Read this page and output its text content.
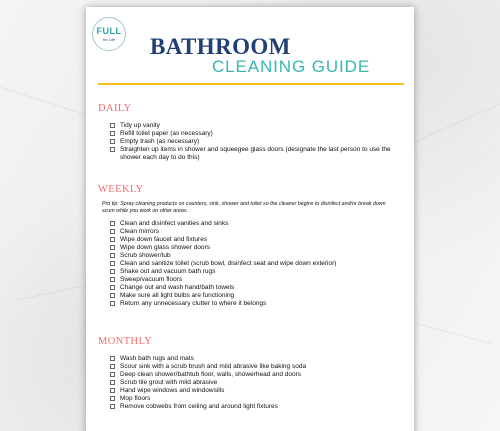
FULL
for Life	BATHROOM
CLEANING GUIDE
DAILY
Tidy up vanity
Refill toilet paper (as necessary)
Empty trash (as necessary)
Straighten up items in shower and squeegee glass doors (designate the last person to use the shower each day to do this)
WEEKLY
Pro tip: Spray cleaning products on counters, sink, shower and toilet so the cleaner begins to disinfect and/or break down scum while you work on other areas.
Clean and disinfect vanities and sinks
Clean mirrors
Wipe down faucet and fixtures
Wipe down glass shower doors
Scrub shower/tub
Clean and sanitize toilet (scrub bowl, disinfect seat and wipe down exterior)
Shake out and vacuum bath rugs
Sweep/vacuum floors
Change out and wash hand/bath towels
Make sure all light bulbs are functioning
Return any unnecessary clutter to where it belongs
MONTHLY
Wash bath rugs and mats
Scour sink with a scrub brush and mild abrasive like baking soda
Deep clean shower/bathtub floor, walls, showerhead and doors
Scrub tile grout with mild abrasive
Hand wipe windows and windowsills
Mop floors
Remove cobwebs from ceiling and around light fixtures
